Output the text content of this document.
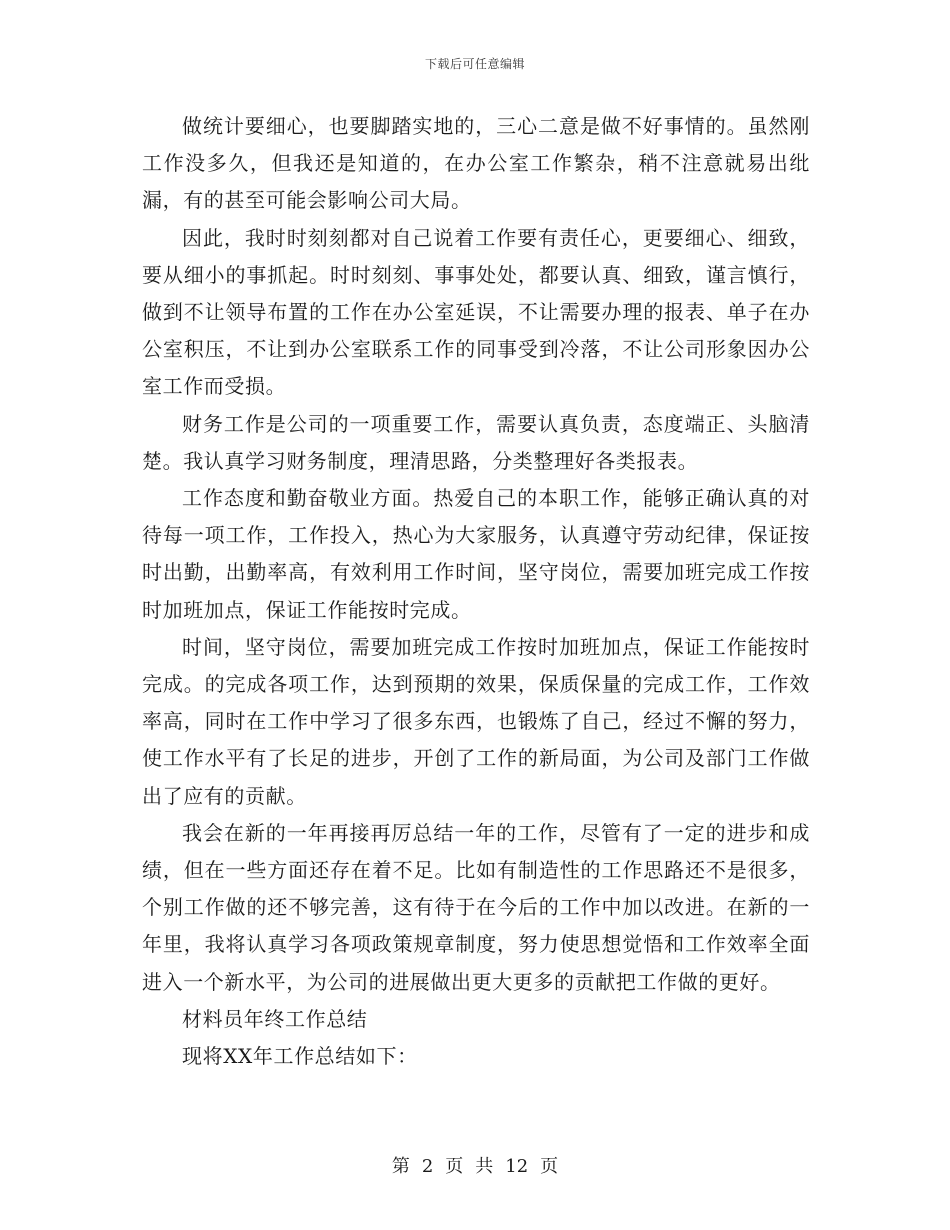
下载后可任意编辑

做统计要细心，也要脚踏实地的，三心二意是做不好事情的。虽然刚工作没多久，但我还是知道的，在办公室工作繁杂，稍不注意就易出纰漏，有的甚至可能会影响公司大局。

因此，我时时刻刻都对自己说着工作要有责任心，更要细心、细致，要从细小的事抓起。时时刻刻、事事处处，都要认真、细致，谨言慎行，做到不让领导布置的工作在办公室延误，不让需要办理的报表、单子在办公室积压，不让到办公室联系工作的同事受到冷落，不让公司形象因办公室工作而受损。

财务工作是公司的一项重要工作，需要认真负责，态度端正、头脑清楚。我认真学习财务制度，理清思路，分类整理好各类报表。

工作态度和勤奋敬业方面。热爱自己的本职工作，能够正确认真的对待每一项工作，工作投入，热心为大家服务，认真遵守劳动纪律，保证按时出勤，出勤率高，有效利用工作时间，坚守岗位，需要加班完成工作按时加班加点，保证工作能按时完成。

时间，坚守岗位，需要加班完成工作按时加班加点，保证工作能按时完成。的完成各项工作，达到预期的效果，保质保量的完成工作，工作效率高，同时在工作中学习了很多东西，也锻炼了自己，经过不懈的努力，使工作水平有了长足的进步，开创了工作的新局面，为公司及部门工作做出了应有的贡献。

我会在新的一年再接再厉总结一年的工作，尽管有了一定的进步和成绩，但在一些方面还存在着不足。比如有制造性的工作思路还不是很多，个别工作做的还不够完善，这有待于在今后的工作中加以改进。在新的一年里，我将认真学习各项政策规章制度，努力使思想觉悟和工作效率全面进入一个新水平，为公司的进展做出更大更多的贡献把工作做的更好。

材料员年终工作总结

现将XX年工作总结如下：

第 2 页 共 12 页
